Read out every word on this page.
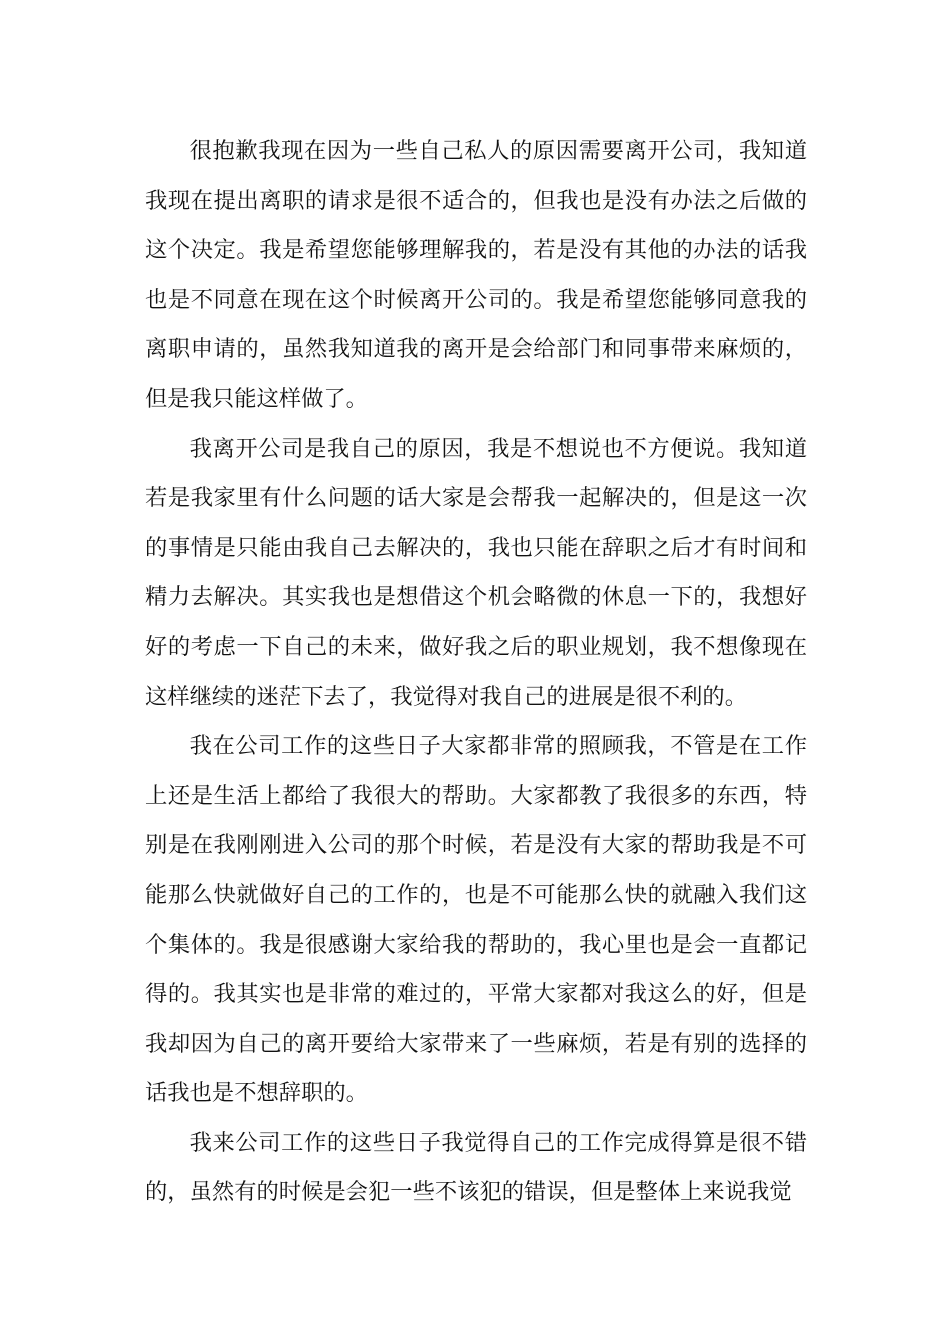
很抱歉我现在因为一些自己私人的原因需要离开公司，我知道我现在提出离职的请求是很不适合的，但我也是没有办法之后做的这个决定。我是希望您能够理解我的，若是没有其他的办法的话我也是不同意在现在这个时候离开公司的。我是希望您能够同意我的离职申请的，虽然我知道我的离开是会给部门和同事带来麻烦的，但是我只能这样做了。

我离开公司是我自己的原因，我是不想说也不方便说。我知道若是我家里有什么问题的话大家是会帮我一起解决的，但是这一次的事情是只能由我自己去解决的，我也只能在辞职之后才有时间和精力去解决。其实我也是想借这个机会略微的休息一下的，我想好好的考虑一下自己的未来，做好我之后的职业规划，我不想像现在这样继续的迷茫下去了，我觉得对我自己的进展是很不利的。

我在公司工作的这些日子大家都非常的照顾我，不管是在工作上还是生活上都给了我很大的帮助。大家都教了我很多的东西，特别是在我刚刚进入公司的那个时候，若是没有大家的帮助我是不可能那么快就做好自己的工作的，也是不可能那么快的就融入我们这个集体的。我是很感谢大家给我的帮助的，我心里也是会一直都记得的。我其实也是非常的难过的，平常大家都对我这么的好，但是我却因为自己的离开要给大家带来了一些麻烦，若是有别的选择的话我也是不想辞职的。

我来公司工作的这些日子我觉得自己的工作完成得算是很不错的，虽然有的时候是会犯一些不该犯的错误，但是整体上来说我觉
